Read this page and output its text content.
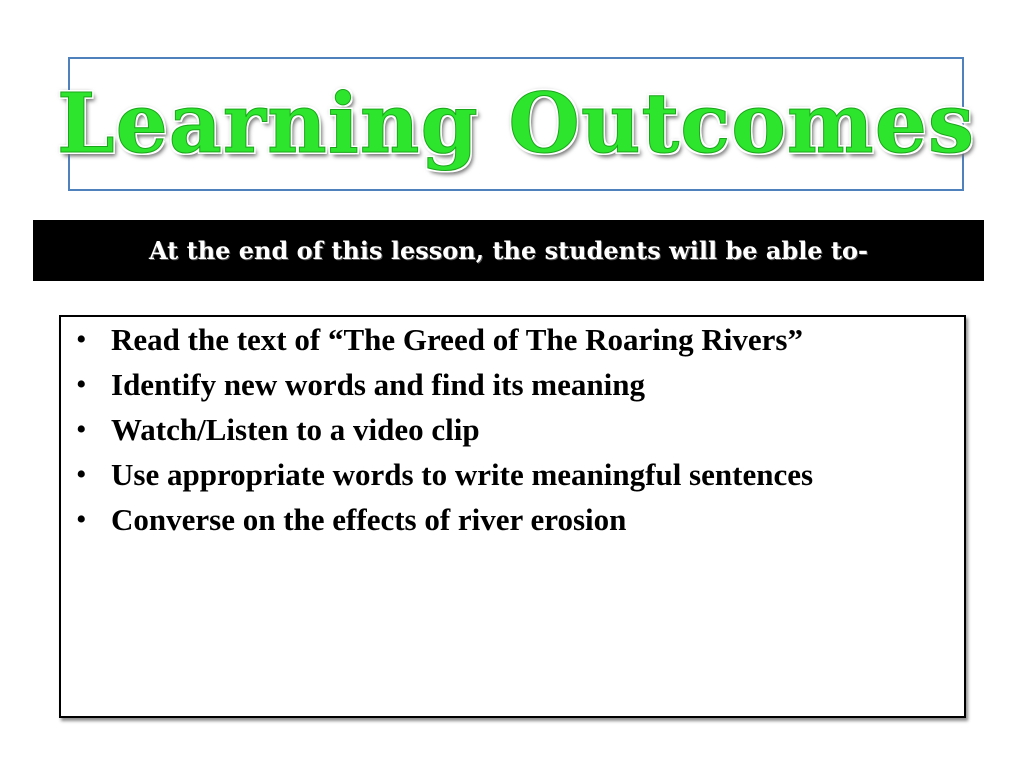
Learning Outcomes
At the end of this lesson, the students will be able to-
• Read the text of “The Greed of The Roaring Rivers”
• Identify new words and find its meaning
• Watch/Listen to a video clip
• Use appropriate words to write meaningful sentences
• Converse on the effects of river erosion
